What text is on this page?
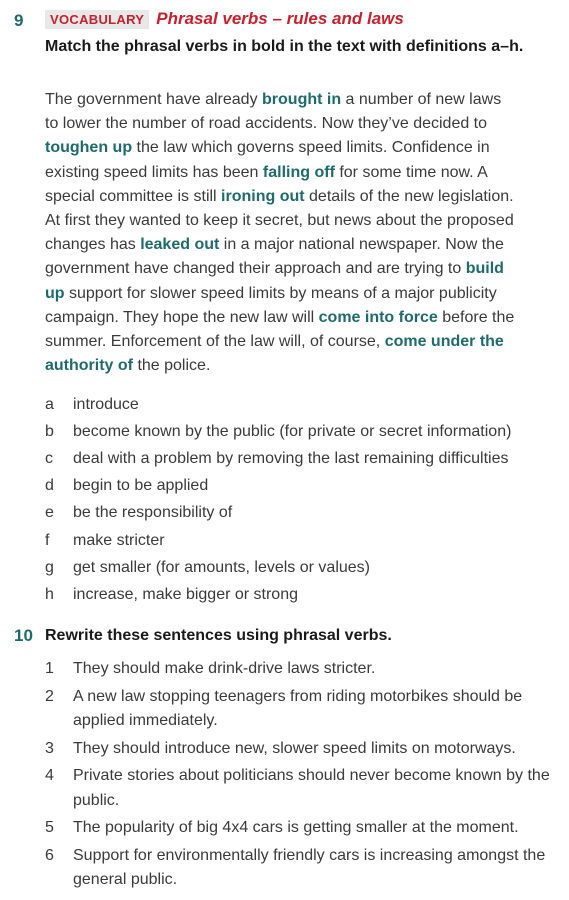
9	VOCABULARY Phrasal verbs – rules and laws
Match the phrasal verbs in bold in the text with definitions a–h.
The government have already brought in a number of new laws
to lower the number of road accidents. Now they’ve decided to
toughen up the law which governs speed limits. Confidence in
existing speed limits has been falling off for some time now. A
special committee is still ironing out details of the new legislation.
At first they wanted to keep it secret, but news about the proposed
changes has leaked out in a major national newspaper. Now the
government have changed their approach and are trying to build
up support for slower speed limits by means of a major publicity
campaign. They hope the new law will come into force before the
summer. Enforcement of the law will, of course, come under the
authority of the police.
a	introduce
b	become known by the public (for private or secret information)
c	deal with a problem by removing the last remaining difficulties
d	begin to be applied
e	be the responsibility of
f	make stricter
g	get smaller (for amounts, levels or values)
h	increase, make bigger or strong
10 Rewrite these sentences using phrasal verbs.
1	They should make drink-drive laws stricter.
2	A new law stopping teenagers from riding motorbikes should be applied immediately.
3	They should introduce new, slower speed limits on motorways.
4	Private stories about politicians should never become known by the public.
5	The popularity of big 4x4 cars is getting smaller at the moment.
6	Support for environmentally friendly cars is increasing amongst the general public.
